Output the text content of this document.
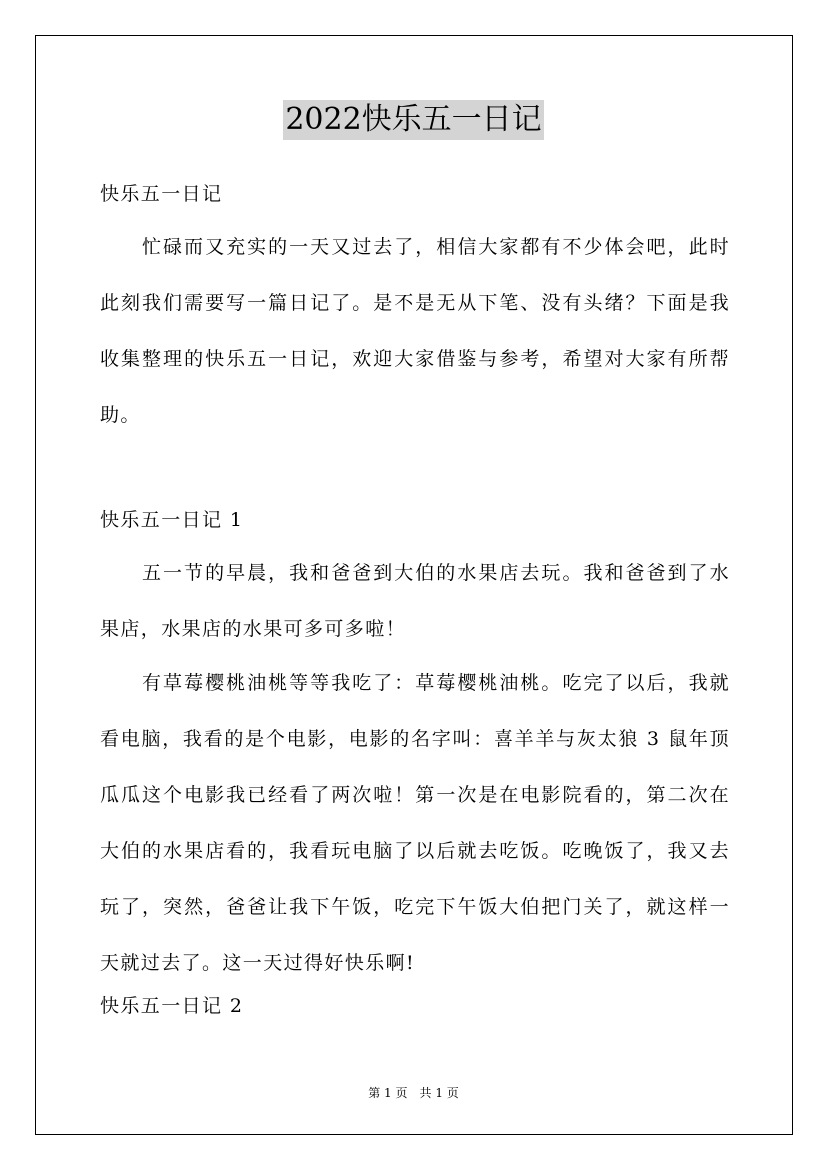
2022快乐五一日记
快乐五一日记
忙碌而又充实的一天又过去了，相信大家都有不少体会吧，此时此刻我们需要写一篇日记了。是不是无从下笔、没有头绪？下面是我收集整理的快乐五一日记，欢迎大家借鉴与参考，希望对大家有所帮助。
快乐五一日记 1
五一节的早晨，我和爸爸到大伯的水果店去玩。我和爸爸到了水果店，水果店的水果可多可多啦！
有草莓樱桃油桃等等我吃了：草莓樱桃油桃。吃完了以后，我就看电脑，我看的是个电影，电影的名字叫：喜羊羊与灰太狼 3 鼠年顶瓜瓜这个电影我已经看了两次啦！第一次是在电影院看的，第二次在大伯的水果店看的，我看玩电脑了以后就去吃饭。吃晚饭了，我又去玩了，突然，爸爸让我下午饭，吃完下午饭大伯把门关了，就这样一天就过去了。这一天过得好快乐啊!
快乐五一日记 2
第 1 页　共 1 页
